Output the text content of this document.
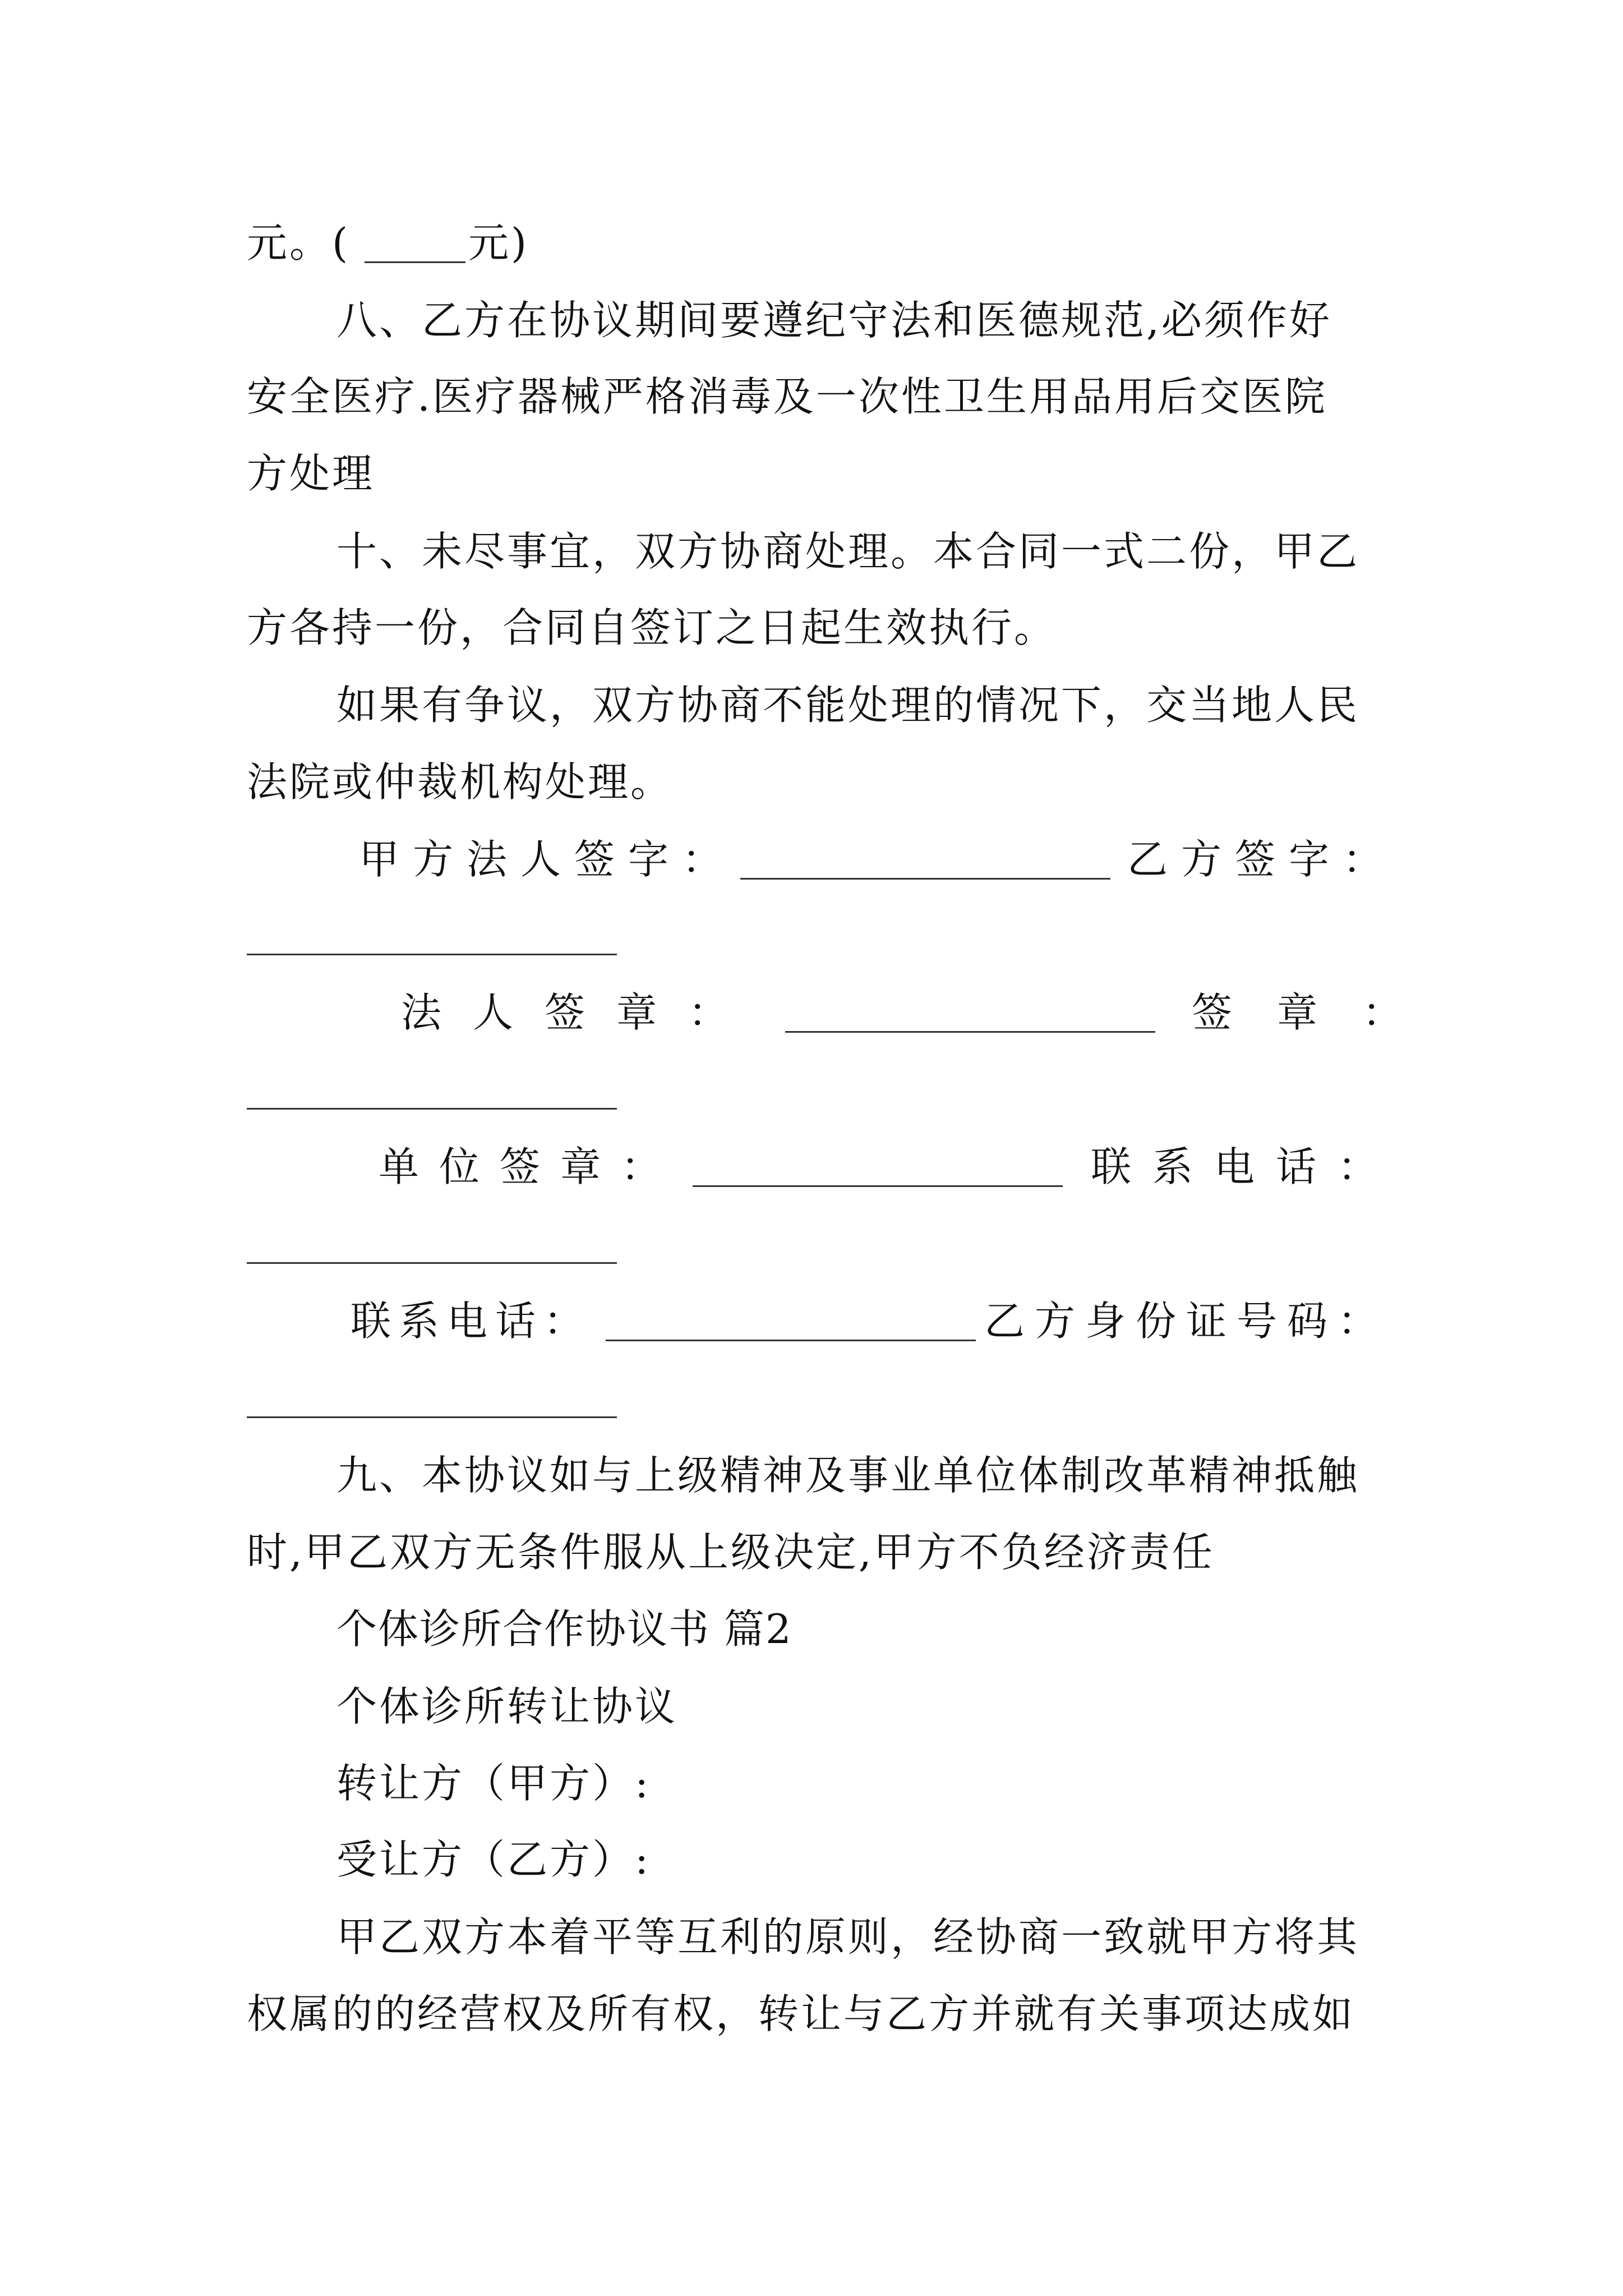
元。(	元)
八、乙方在协议期间要遵纪守法和医德规范,必须作好
安全医疗.医疗器械严格消毒及一次性卫生用品用后交医院
方处理
十、未尽事宜，双方协商处理。本合同一式二份，甲乙
方各持一份，合同自签订之日起生效执行。
如果有争议，双方协商不能处理的情况下，交当地人民
法院或仲裁机构处理。
甲方法人签字：	乙方签字：
法人签章：	签章：
单位签章：	联系电话：
联系电话：	乙方身份证号码：
九、本协议如与上级精神及事业单位体制改革精神抵触
时,甲乙双方无条件服从上级决定,甲方不负经济责任
个体诊所合作协议书 篇2
个体诊所转让协议
转让方（甲方）:
受让方（乙方）:
甲乙双方本着平等互利的原则，经协商一致就甲方将其
权属的的经营权及所有权，转让与乙方并就有关事项达成如
